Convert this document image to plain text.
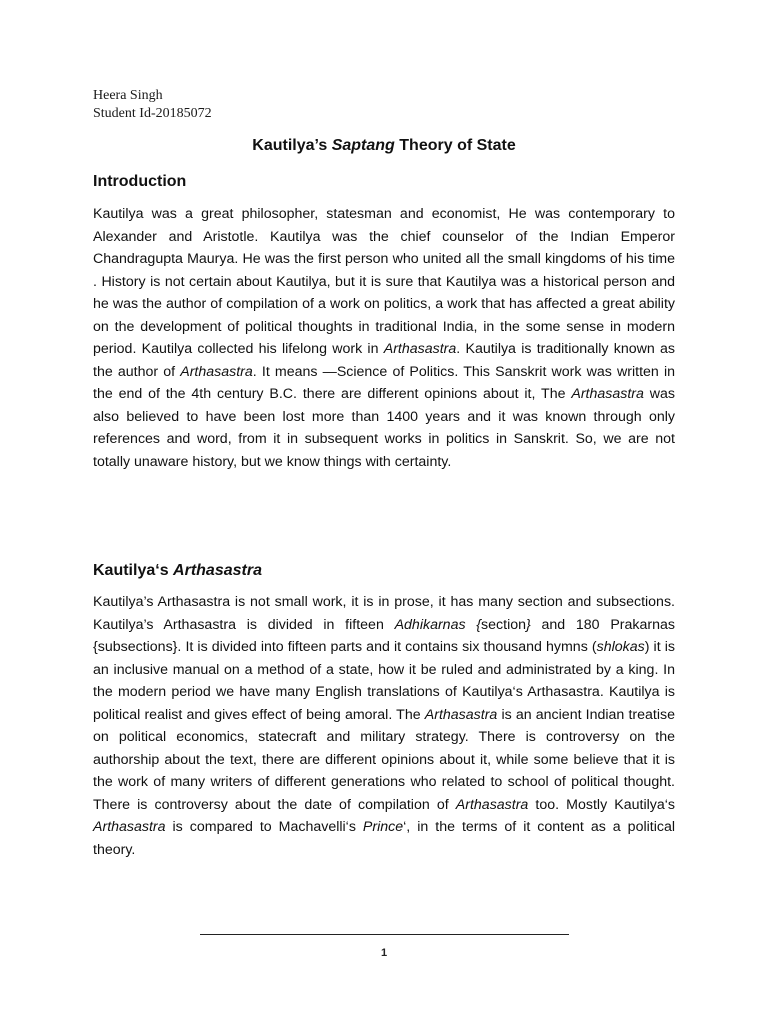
Heera Singh
Student Id-20185072
Kautilya’s Saptang Theory of State
Introduction

Kautilya was a great philosopher, statesman and economist, He was contemporary to Alexander and Aristotle. Kautilya was the chief counselor of the Indian Emperor Chandragupta Maurya. He was the first person who united all the small kingdoms of his time . History is not certain about Kautilya, but it is sure that Kautilya was a historical person and he was the author of compilation of a work on politics, a work that has affected a great ability on the development of political thoughts in traditional India, in the some sense in modern period. Kautilya collected his lifelong work in Arthasastra. Kautilya is traditionally known as the author of Arthasastra. It means —Science of Politics. This Sanskrit work was written in the end of the 4th century B.C. there are different opinions about it, The Arthasastra was also believed to have been lost more than 1400 years and it was known through only references and word, from it in subsequent works in politics in Sanskrit. So, we are not totally unaware history, but we know things with certainty.

Kautilya‘s Arthasastra

Kautilya’s Arthasastra is not small work, it is in prose, it has many section and subsections. Kautilya’s Arthasastra is divided in fifteen Adhikarnas {section} and 180 Prakarnas {subsections}. It is divided into fifteen parts and it contains six thousand hymns (shlokas) it is an inclusive manual on a method of a state, how it be ruled and administrated by a king. In the modern period we have many English translations of Kautilya‘s Arthasastra. Kautilya is political realist and gives effect of being amoral. The Arthasastra is an ancient Indian treatise on political economics, statecraft and military strategy. There is controversy on the authorship about the text, there are different opinions about it, while some believe that it is the work of many writers of different generations who related to school of political thought. There is controversy about the date of compilation of Arthasastra too. Mostly Kautilya‘s Arthasastra is compared to Machavelli‘s Prince‘, in the terms of it content as a political theory.

1
